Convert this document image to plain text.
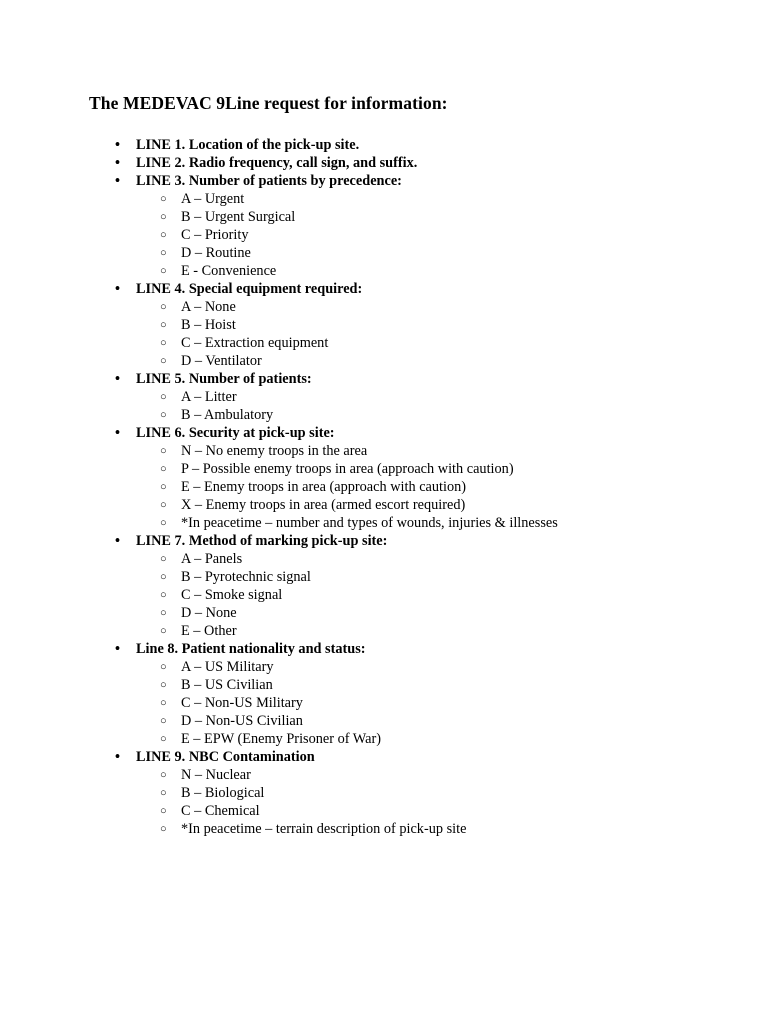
The MEDEVAC 9Line request for information:
•	LINE 1. Location of the pick-up site.
•	LINE 2. Radio frequency, call sign, and suffix.
•	LINE 3. Number of patients by precedence:
○ A – Urgent
○ B – Urgent Surgical
○ C – Priority
○ D – Routine
○ E - Convenience
•	LINE 4. Special equipment required:
○ A – None
○ B – Hoist
○ C – Extraction equipment
○ D – Ventilator
•	LINE 5. Number of patients:
○ A – Litter
○ B – Ambulatory
•	LINE 6. Security at pick-up site:
○ N – No enemy troops in the area
○ P – Possible enemy troops in area (approach with caution)
○ E – Enemy troops in area (approach with caution)
○ X – Enemy troops in area (armed escort required)
○ *In peacetime – number and types of wounds, injuries & illnesses
•	LINE 7. Method of marking pick-up site:
○ A – Panels
○ B – Pyrotechnic signal
○ C – Smoke signal
○ D – None
○ E – Other
•	Line 8. Patient nationality and status:
○ A – US Military
○ B – US Civilian
○ C – Non-US Military
○ D – Non-US Civilian
○ E – EPW (Enemy Prisoner of War)
•	LINE 9. NBC Contamination
○ N – Nuclear
○ B – Biological
○ C – Chemical
○ *In peacetime – terrain description of pick-up site
